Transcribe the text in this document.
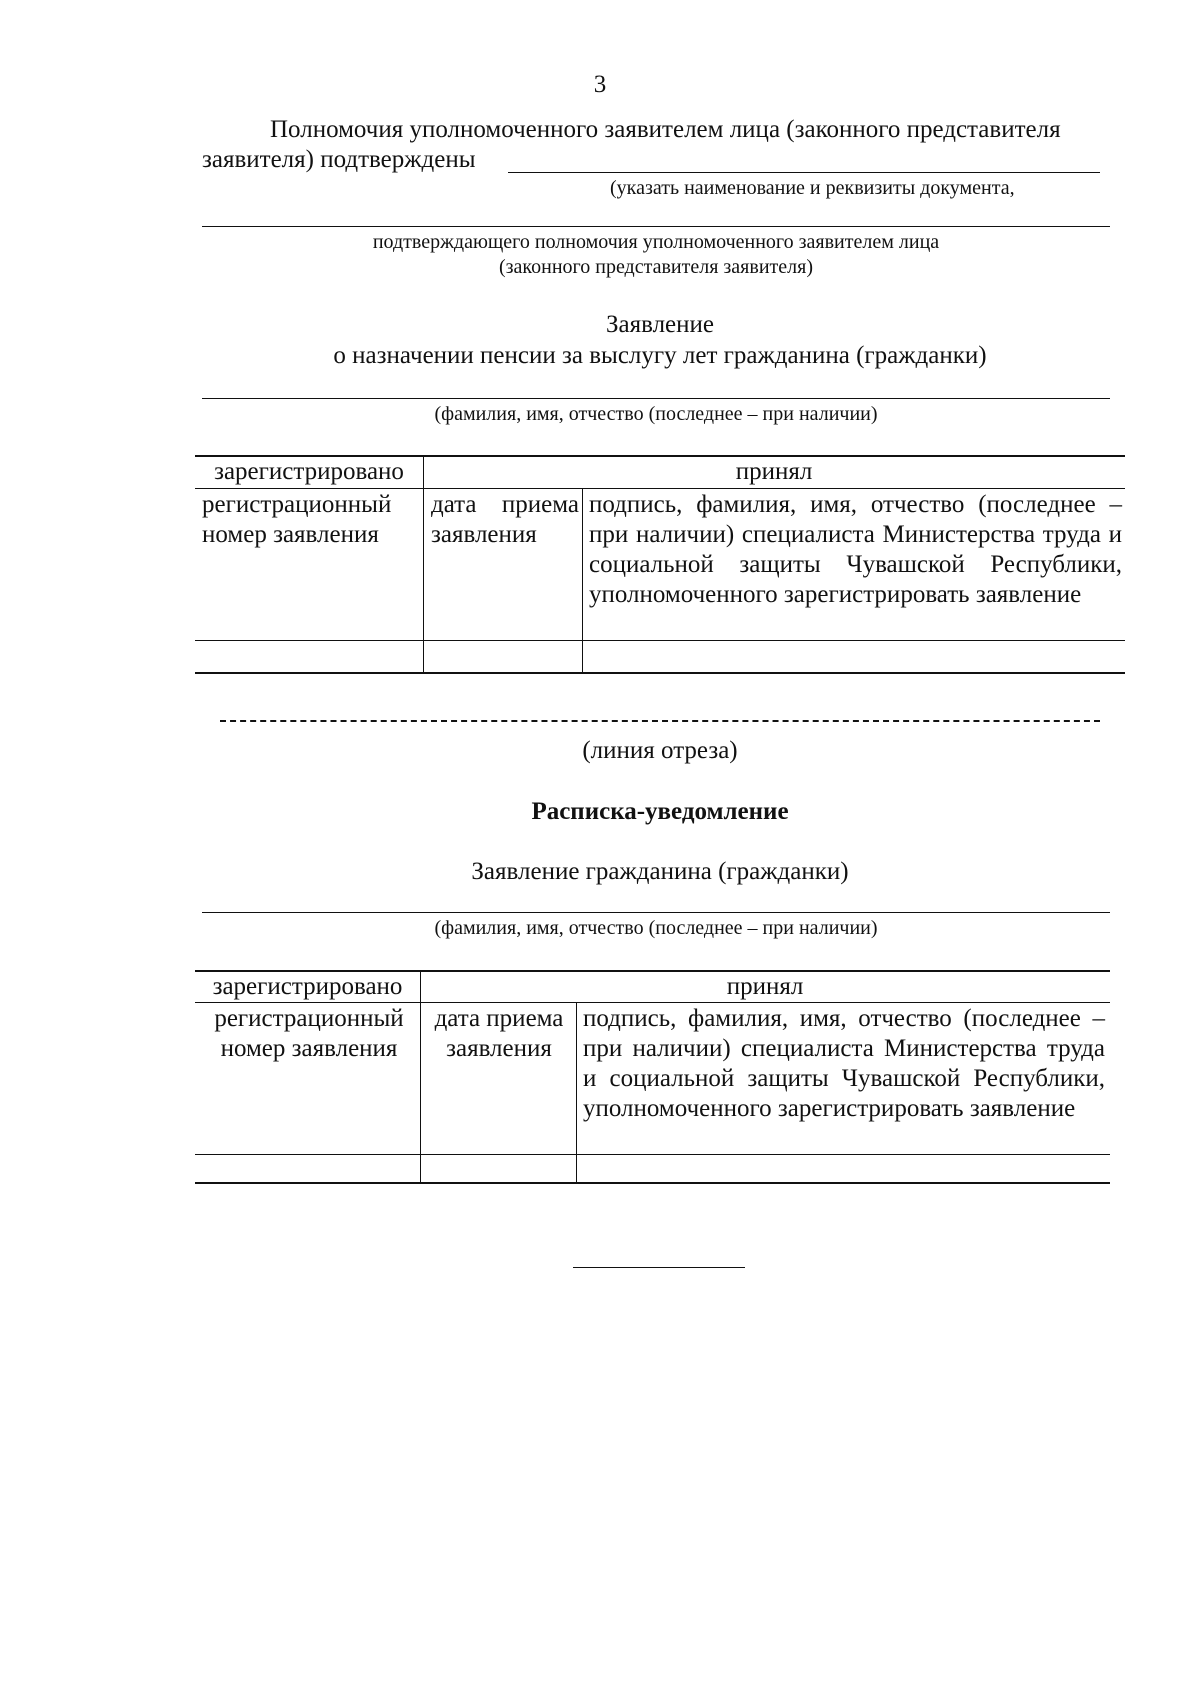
3
Полномочия уполномоченного заявителем лица (законного представителя
заявителя) подтверждены
(указать наименование и реквизиты документа,
подтверждающего полномочия уполномоченного заявителем лица
(законного представителя заявителя)
Заявление
о назначении пенсии за выслугу лет гражданина (гражданки)
(фамилия, имя, отчество (последнее – при наличии)
зарегистрировано	принял
регистрационный номер заявления
дата приема заявления
подпись, фамилия, имя, отчество (последнее – при наличии) специалиста Министерства труда и социальной защиты Чувашской Республики, уполномоченного зарегистрировать заявление
(линия отреза)
Расписка-уведомление
Заявление гражданина (гражданки)
(фамилия, имя, отчество (последнее – при наличии)
зарегистрировано	принял
регистрационный номер заявления
дата приема заявления
подпись, фамилия, имя, отчество (последнее – при наличии) специалиста Министерства труда и социальной защиты Чувашской Республики, уполномоченного зарегистрировать заявление
